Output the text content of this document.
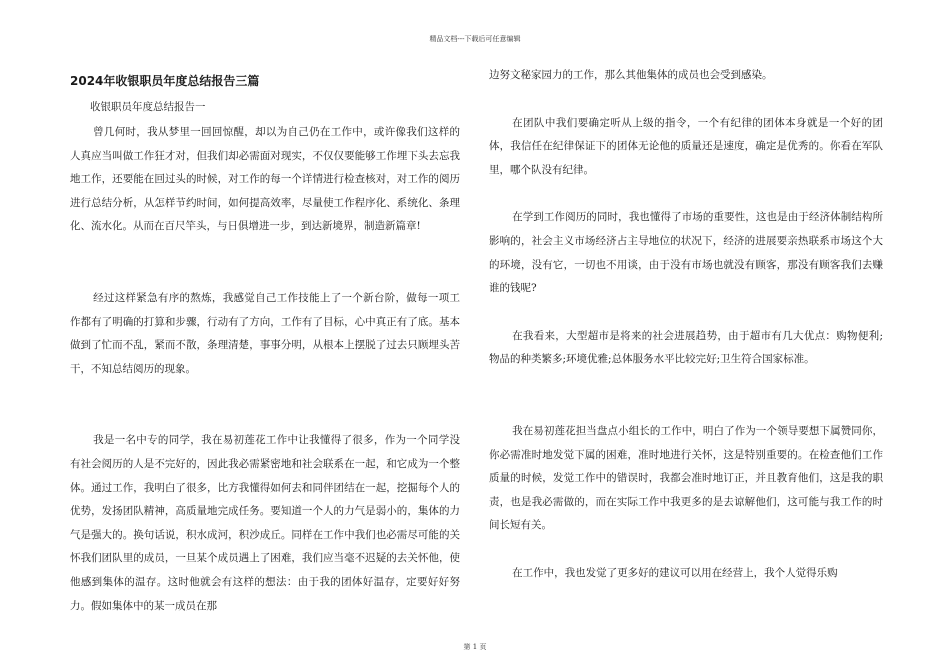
精品文档---下载后可任意编辑
2024年收银职员年度总结报告三篇
收银职员年度总结报告一

曾几何时，我从梦里一回回惊醒，却以为自己仍在工作中，或许像我们这样的人真应当叫做工作狂才对，但我们却必需面对现实，不仅仅要能够工作埋下头去忘我地工作，还要能在回过头的时候，对工作的每一个详情进行检查核对，对工作的阅历进行总结分析，从怎样节约时间，如何提高效率，尽量使工作程序化、系统化、条理化、流水化。从而在百尺竿头，与日俱增进一步，到达新境界，制造新篇章!

经过这样紧急有序的熬炼，我感觉自己工作技能上了一个新台阶，做每一项工作都有了明确的打算和步骤，行动有了方向，工作有了目标，心中真正有了底。基本做到了忙而不乱，紧而不散，条理清楚，事事分明，从根本上摆脱了过去只顾埋头苦干，不知总结阅历的现象。

我是一名中专的同学，我在易初莲花工作中让我懂得了很多，作为一个同学没有社会阅历的人是不完好的，因此我必需紧密地和社会联系在一起，和它成为一个整体。通过工作，我明白了很多，比方我懂得如何去和同伴团结在一起，挖掘每个人的优势，发扬团队精神，高质量地完成任务。要知道一个人的力气是弱小的，集体的力气是强大的。换句话说，积水成河，积沙成丘。同样在工作中我们也必需尽可能的关怀我们团队里的成员，一旦某个成员遇上了困难，我们应当毫不迟疑的去关怀他，使他感到集体的温存。这时他就会有这样的想法：由于我的团体好温存，定要好好努力。假如集体中的某一成员在那

边努文秘家园力的工作，那么其他集体的成员也会受到感染。

在团队中我们要确定听从上级的指令，一个有纪律的团体本身就是一个好的团体，我信任在纪律保证下的团体无论他的质量还是速度，确定是优秀的。你看在军队里，哪个队没有纪律。

在学到工作阅历的同时，我也懂得了市场的重要性，这也是由于经济体制结构所影响的，社会主义市场经济占主导地位的状况下，经济的进展要亲热联系市场这个大的环境，没有它，一切也不用谈，由于没有市场也就没有顾客，那没有顾客我们去赚谁的钱呢?

在我看来，大型超市是将来的社会进展趋势，由于超市有几大优点：购物便利;物品的种类繁多;环境优雅;总体服务水平比较完好;卫生符合国家标准。

我在易初莲花担当盘点小组长的工作中，明白了作为一个领导要想下属赞同你，你必需准时地发觉下属的困难，准时地进行关怀，这是特别重要的。在检查他们工作质量的时候，发觉工作中的错误时，我都会准时地订正，并且教育他们，这是我的职责，也是我必需做的，而在实际工作中我更多的是去谅解他们，这可能与我工作的时间长短有关。

在工作中，我也发觉了更多好的建议可以用在经营上，我个人觉得乐购

第 1 页
